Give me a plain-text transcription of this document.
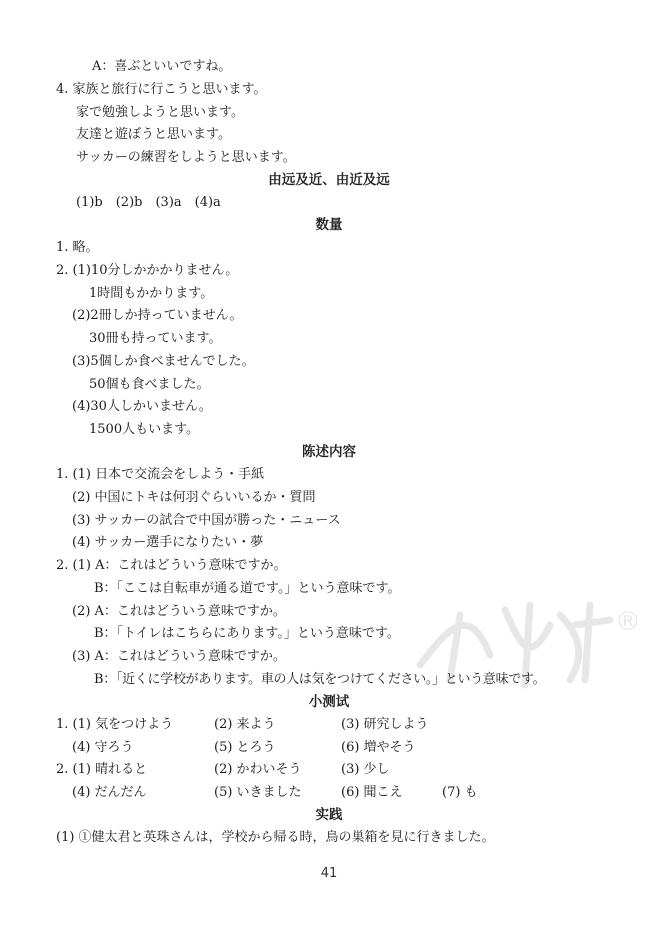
A：喜ぶといいですね。
4. 家族と旅行に行こうと思います。
家で勉強しようと思います。
友達と遊ぼうと思います。
サッカーの練習をしようと思います。
由远及近、由近及远
(1)b　(2)b　(3)a　(4)a
数量
1. 略。
2. (1)10分しかかかりません。
1時間もかかります。
(2)2冊しか持っていません。
30冊も持っています。
(3)5個しか食べませんでした。
50個も食べました。
(4)30人しかいません。
1500人もいます。
陈述内容
1. (1) 日本で交流会をしよう・手紙
(2) 中国にトキは何羽ぐらいいるか・質問
(3) サッカーの試合で中国が勝った・ニュース
(4) サッカー選手になりたい・夢
2. (1) A：これはどういう意味ですか。
B：「ここは自転車が通る道です。」という意味です。
(2) A：これはどういう意味ですか。
B：「トイレはこちらにあります。」という意味です。
(3) A：これはどういう意味ですか。
B：「近くに学校があります。車の人は気をつけてください。」という意味です。
小测试
1. (1) 気をつけよう	(2) 来よう	(3) 研究しよう
(4) 守ろう	(5) とろう	(6) 増やそう
2. (1) 晴れると	(2) かわいそう	(3) 少し
(4) だんだん	(5) いきました	(6) 聞こえ	(7) も
实践
(1) ①健太君と英珠さんは，学校から帰る時，鳥の巣箱を見に行きました。
41
®
